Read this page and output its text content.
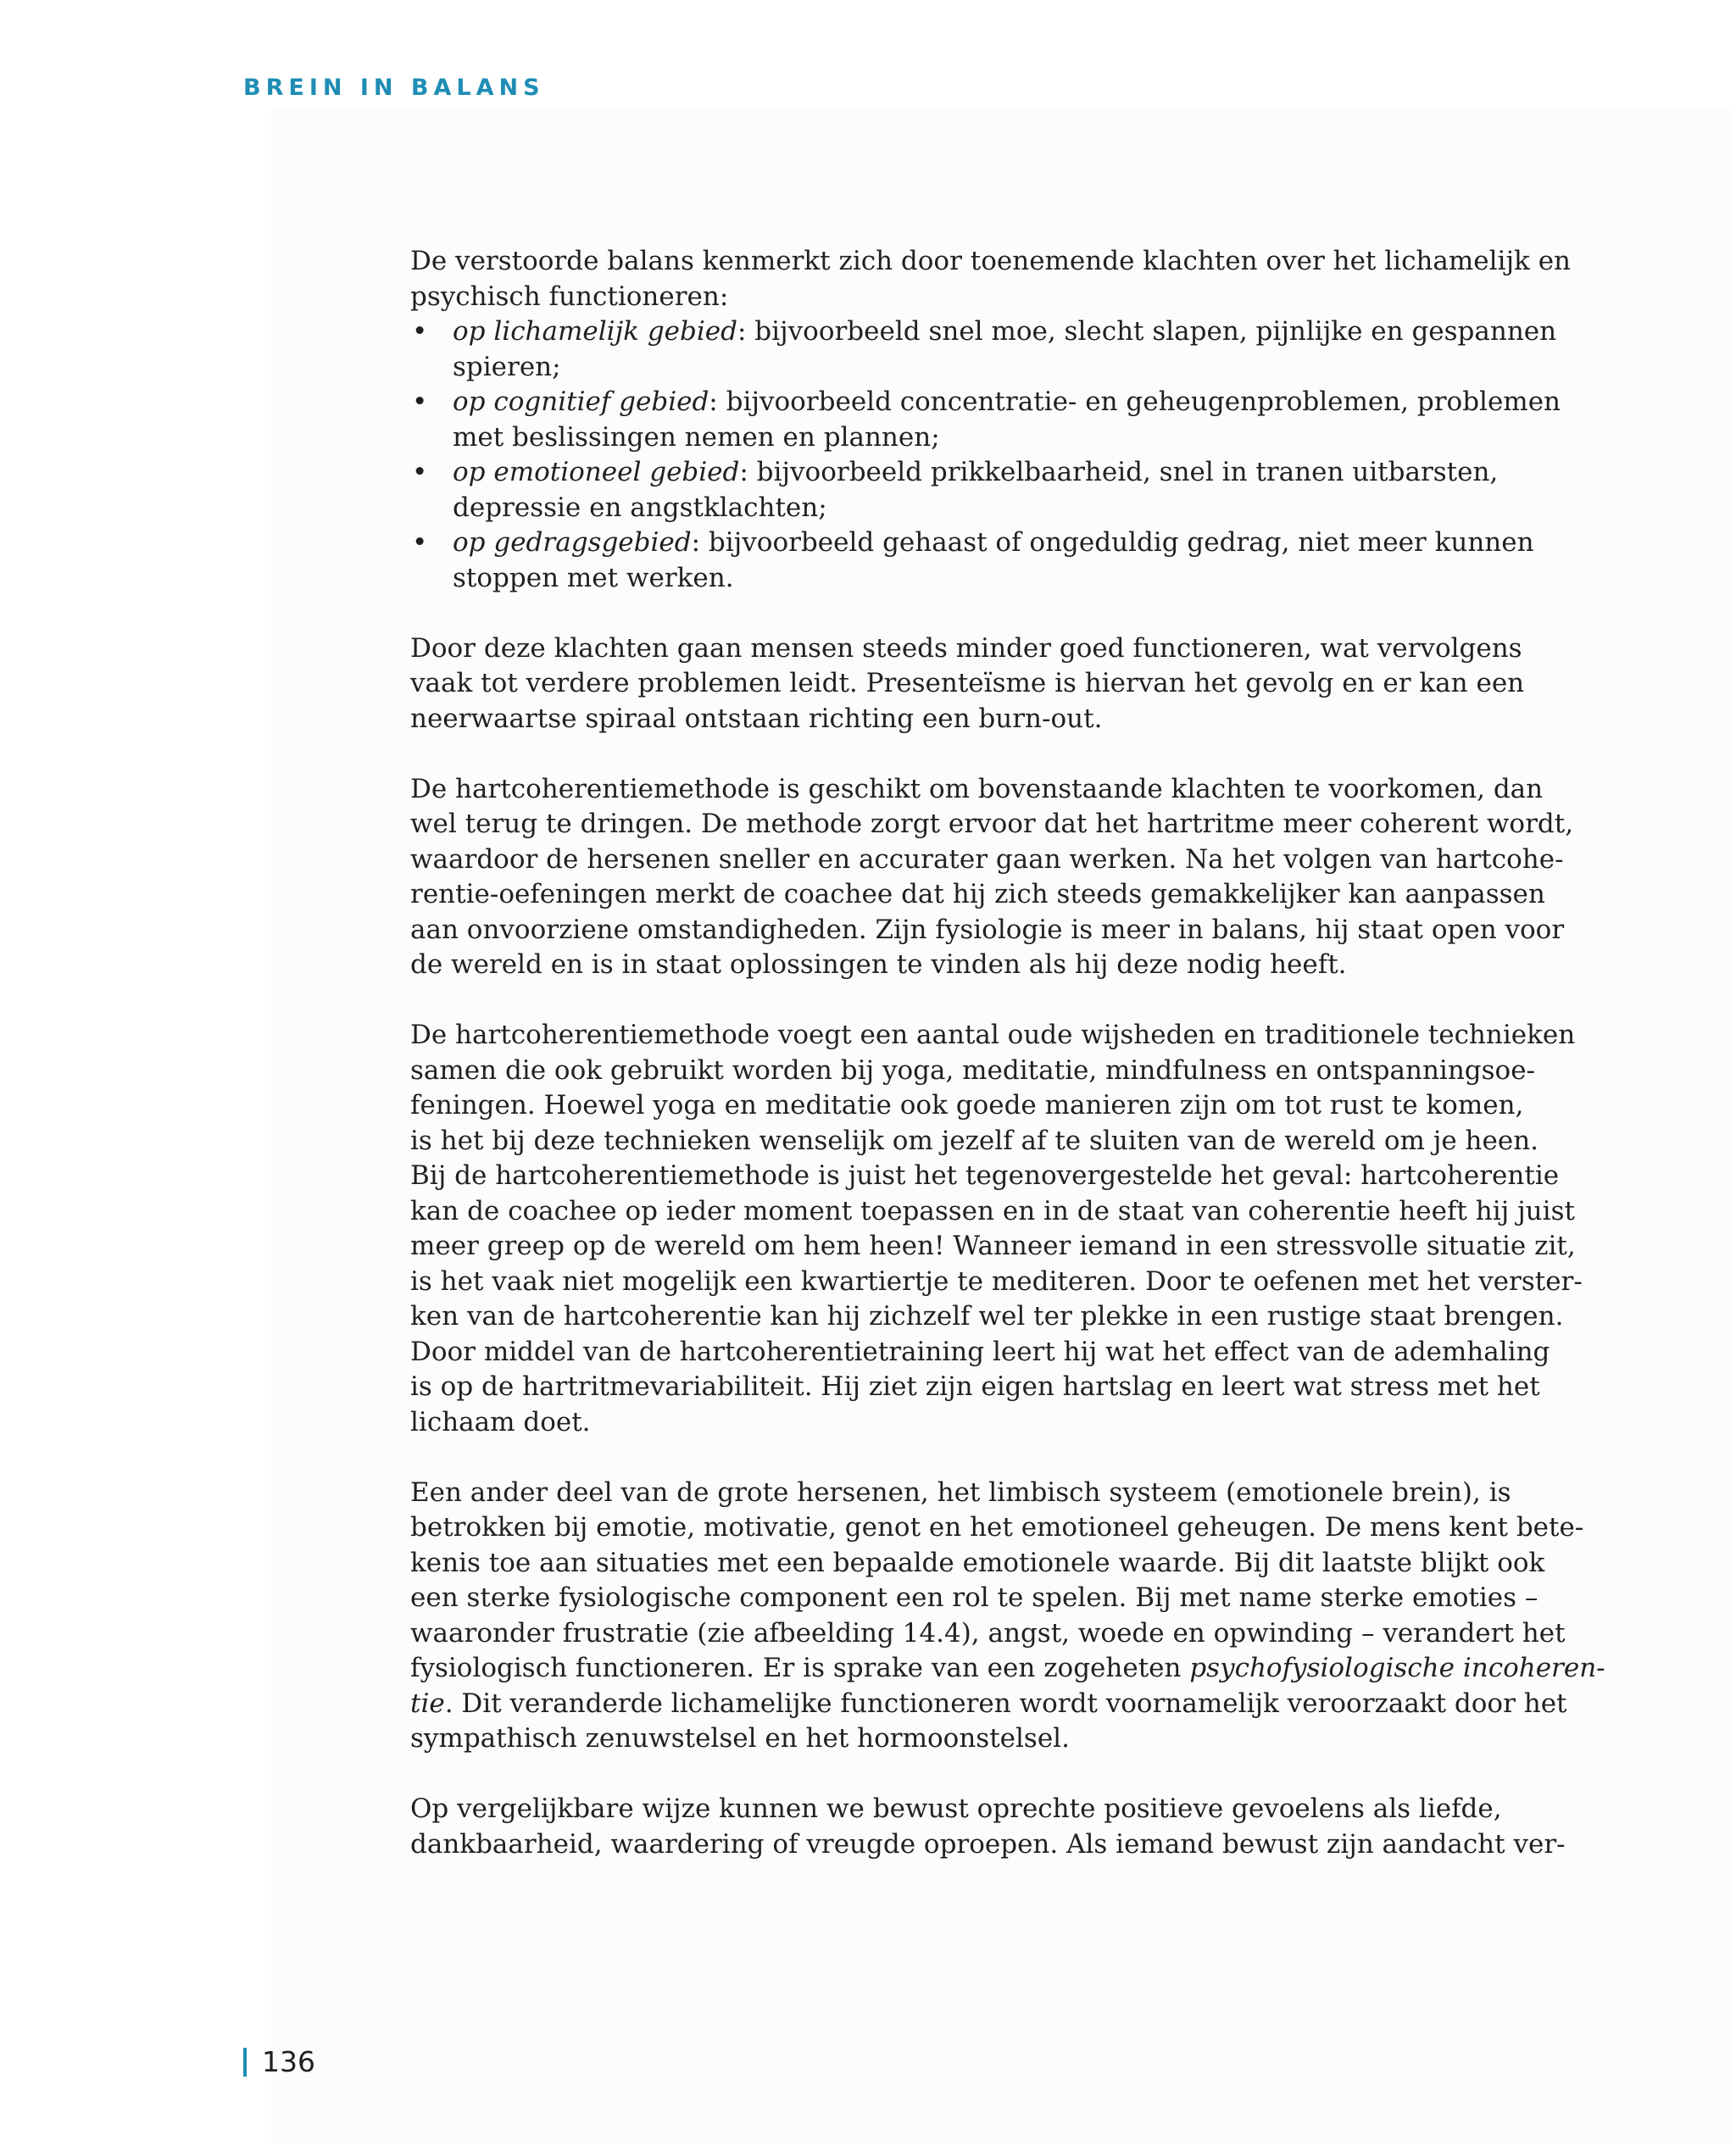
BREIN IN BALANS

De verstoorde balans kenmerkt zich door toenemende klachten over het lichamelijk en
psychisch functioneren:

• op lichamelijk gebied: bijvoorbeeld snel moe, slecht slapen, pijnlijke en gespannen
spieren;
• op cognitief gebied: bijvoorbeeld concentratie- en geheugenproblemen, problemen
met beslissingen nemen en plannen;
• op emotioneel gebied: bijvoorbeeld prikkelbaarheid, snel in tranen uitbarsten,
depressie en angstklachten;
• op gedragsgebied: bijvoorbeeld gehaast of ongeduldig gedrag, niet meer kunnen
stoppen met werken.

Door deze klachten gaan mensen steeds minder goed functioneren, wat vervolgens
vaak tot verdere problemen leidt. Presenteïsme is hiervan het gevolg en er kan een
neerwaartse spiraal ontstaan richting een burn-out.

De hartcoherentiemethode is geschikt om bovenstaande klachten te voorkomen, dan
wel terug te dringen. De methode zorgt ervoor dat het hartritme meer coherent wordt,
waardoor de hersenen sneller en accurater gaan werken. Na het volgen van hartcohe-
rentie-oefeningen merkt de coachee dat hij zich steeds gemakkelijker kan aanpassen
aan onvoorziene omstandigheden. Zijn fysiologie is meer in balans, hij staat open voor
de wereld en is in staat oplossingen te vinden als hij deze nodig heeft.

De hartcoherentiemethode voegt een aantal oude wijsheden en traditionele technieken
samen die ook gebruikt worden bij yoga, meditatie, mindfulness en ontspanningsoe-
feningen. Hoewel yoga en meditatie ook goede manieren zijn om tot rust te komen,
is het bij deze technieken wenselijk om jezelf af te sluiten van de wereld om je heen.
Bij de hartcoherentiemethode is juist het tegenovergestelde het geval: hartcoherentie
kan de coachee op ieder moment toepassen en in de staat van coherentie heeft hij juist
meer greep op de wereld om hem heen! Wanneer iemand in een stressvolle situatie zit,
is het vaak niet mogelijk een kwartiertje te mediteren. Door te oefenen met het verster-
ken van de hartcoherentie kan hij zichzelf wel ter plekke in een rustige staat brengen.
Door middel van de hartcoherentietraining leert hij wat het effect van de ademhaling
is op de hartritmevariabiliteit. Hij ziet zijn eigen hartslag en leert wat stress met het
lichaam doet.

Een ander deel van de grote hersenen, het limbisch systeem (emotionele brein), is
betrokken bij emotie, motivatie, genot en het emotioneel geheugen. De mens kent bete-
kenis toe aan situaties met een bepaalde emotionele waarde. Bij dit laatste blijkt ook
een sterke fysiologische component een rol te spelen. Bij met name sterke emoties –
waaronder frustratie (zie afbeelding 14.4), angst, woede en opwinding – verandert het
fysiologisch functioneren. Er is sprake van een zogeheten psychofysiologische incoheren-
tie. Dit veranderde lichamelijke functioneren wordt voornamelijk veroorzaakt door het
sympathisch zenuwstelsel en het hormoonstelsel.

Op vergelijkbare wijze kunnen we bewust oprechte positieve gevoelens als liefde,
dankbaarheid, waardering of vreugde oproepen. Als iemand bewust zijn aandacht ver-

136
